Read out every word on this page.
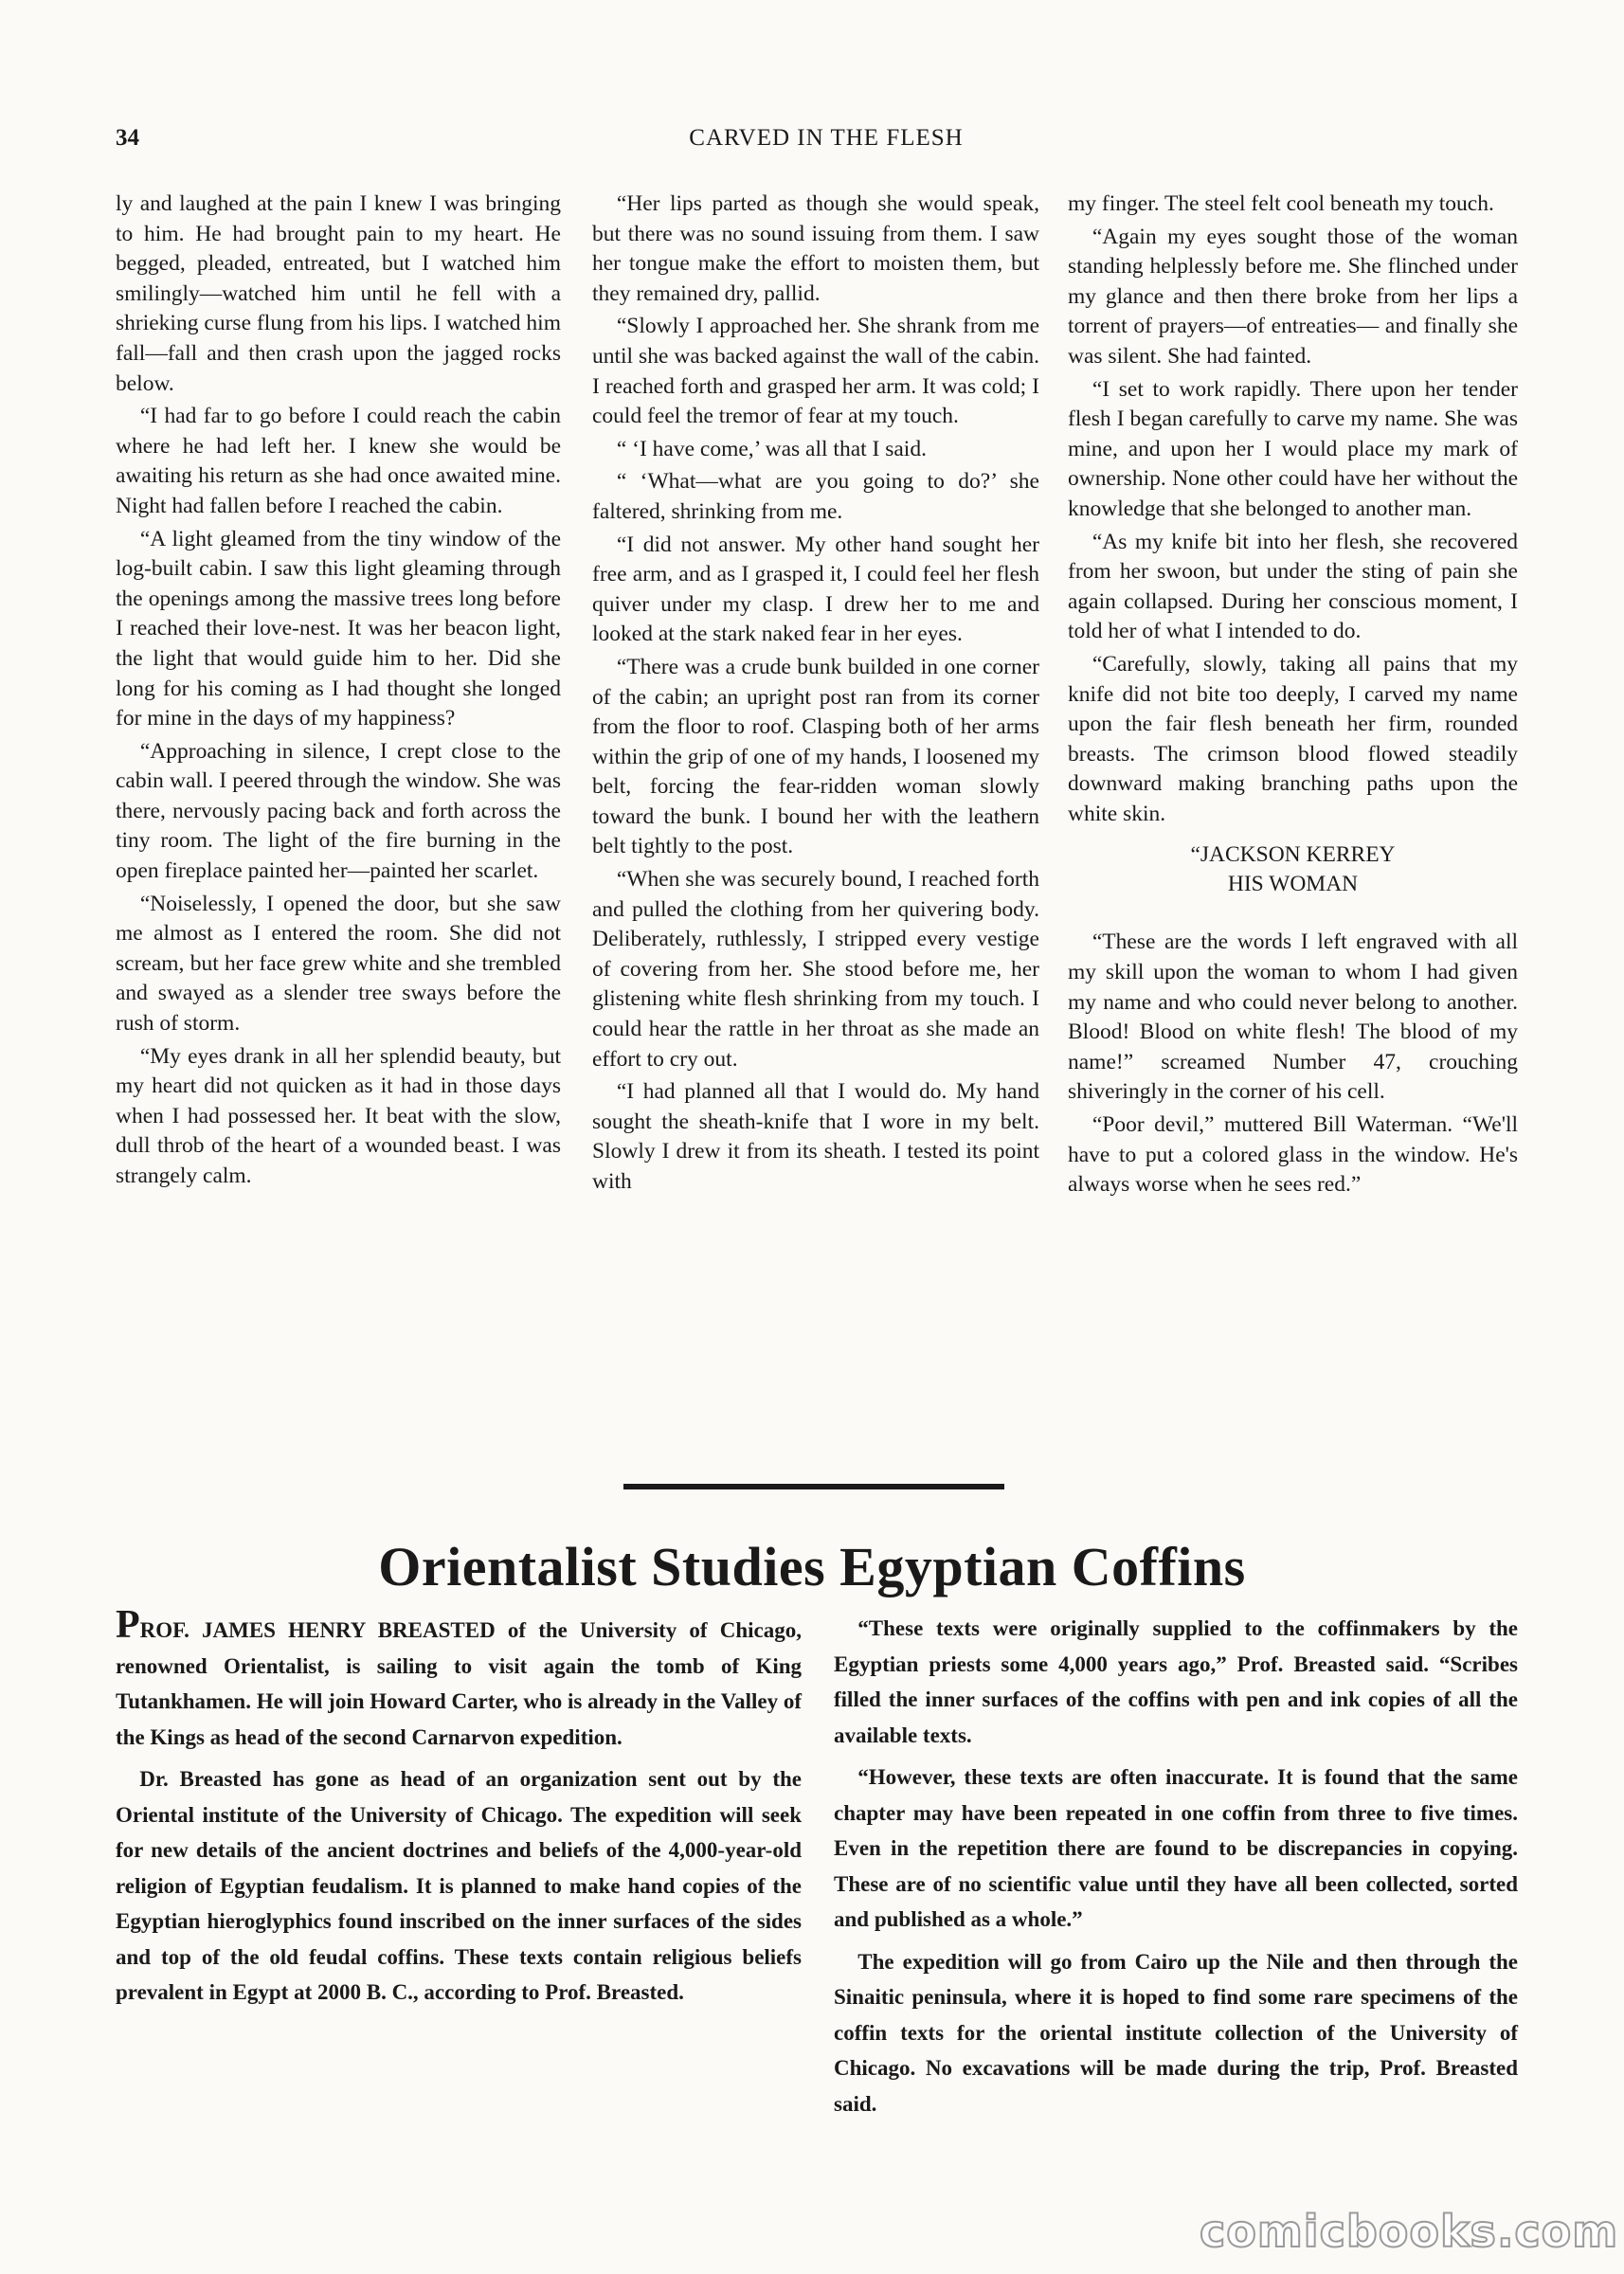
34	CARVED IN THE FLESH

ly and laughed at the pain I knew I was bringing to him. He had brought pain to my heart. He begged, pleaded, entreated, but I watched him smilingly—watched him until he fell with a shrieking curse flung from his lips. I watched him fall—fall and then crash upon the jagged rocks below.

“I had far to go before I could reach the cabin where he had left her. I knew she would be awaiting his return as she had once awaited mine. Night had fallen before I reached the cabin.

“A light gleamed from the tiny window of the log-built cabin. I saw this light gleaming through the openings among the massive trees long before I reached their love-nest. It was her beacon light, the light that would guide him to her. Did she long for his coming as I had thought she longed for mine in the days of my happiness?

“Approaching in silence, I crept close to the cabin wall. I peered through the window. She was there, nervously pacing back and forth across the tiny room. The light of the fire burning in the open fireplace painted her—painted her scarlet.

“Noiselessly, I opened the door, but she saw me almost as I entered the room. She did not scream, but her face grew white and she trembled and swayed as a slender tree sways before the rush of storm.

“My eyes drank in all her splendid beauty, but my heart did not quicken as it had in those days when I had possessed her. It beat with the slow, dull throb of the heart of a wounded beast. I was strangely calm.

“Her lips parted as though she would speak, but there was no sound issuing from them. I saw her tongue make the effort to moisten them, but they remained dry, pallid.

“Slowly I approached her. She shrank from me until she was backed against the wall of the cabin. I reached forth and grasped her arm. It was cold; I could feel the tremor of fear at my touch.

“ ‘I have come,’ was all that I said.

“ ‘What—what are you going to do?’ she faltered, shrinking from me.

“I did not answer. My other hand sought her free arm, and as I grasped it, I could feel her flesh quiver under my clasp. I drew her to me and looked at the stark naked fear in her eyes.

“There was a crude bunk builded in one corner of the cabin; an upright post ran from its corner from the floor to roof. Clasping both of her arms within the grip of one of my hands, I loosened my belt, forcing the fear-ridden woman slowly toward the bunk. I bound her with the leathern belt tightly to the post.

“When she was securely bound, I reached forth and pulled the clothing from her quivering body. Deliberately, ruthlessly, I stripped every vestige of covering from her. She stood before me, her glistening white flesh shrinking from my touch. I could hear the rattle in her throat as she made an effort to cry out.

“I had planned all that I would do. My hand sought the sheath-knife that I wore in my belt. Slowly I drew it from its sheath. I tested its point with

my finger. The steel felt cool beneath my touch.

“Again my eyes sought those of the woman standing helplessly before me. She flinched under my glance and then there broke from her lips a torrent of prayers—of entreaties— and finally she was silent. She had fainted.

“I set to work rapidly. There upon her tender flesh I began carefully to carve my name. She was mine, and upon her I would place my mark of ownership. None other could have her without the knowledge that she belonged to another man.

“As my knife bit into her flesh, she recovered from her swoon, but under the sting of pain she again collapsed. During her conscious moment, I told her of what I intended to do.

“Carefully, slowly, taking all pains that my knife did not bite too deeply, I carved my name upon the fair flesh beneath her firm, rounded breasts. The crimson blood flowed steadily downward making branching paths upon the white skin.

“JACKSON KERREY
HIS WOMAN

“These are the words I left engraved with all my skill upon the woman to whom I had given my name and who could never belong to another. Blood! Blood on white flesh! The blood of my name!” screamed Number 47, crouching shiveringly in the corner of his cell.

“Poor devil,” muttered Bill Waterman. “We'll have to put a colored glass in the window. He's always worse when he sees red.”

Orientalist Studies Egyptian Coffins

PROF. JAMES HENRY BREASTED of the University of Chicago, renowned Orientalist, is sailing to visit again the tomb of King Tutankhamen. He will join Howard Carter, who is already in the Valley of the Kings as head of the second Carnarvon expedition.

Dr. Breasted has gone as head of an organization sent out by the Oriental institute of the University of Chicago. The expedition will seek for new details of the ancient doctrines and beliefs of the 4,000-year-old religion of Egyptian feudalism. It is planned to make hand copies of the Egyptian hieroglyphics found inscribed on the inner surfaces of the sides and top of the old feudal coffins. These texts contain religious beliefs prevalent in Egypt at 2000 B. C., according to Prof. Breasted.

“These texts were originally supplied to the coffinmakers by the Egyptian priests some 4,000 years ago,” Prof. Breasted said. “Scribes filled the inner surfaces of the coffins with pen and ink copies of all the available texts.

“However, these texts are often inaccurate. It is found that the same chapter may have been repeated in one coffin from three to five times. Even in the repetition there are found to be discrepancies in copying. These are of no scientific value until they have all been collected, sorted and published as a whole.”

The expedition will go from Cairo up the Nile and then through the Sinaitic peninsula, where it is hoped to find some rare specimens of the coffin texts for the oriental institute collection of the University of Chicago. No excavations will be made during the trip, Prof. Breasted said.

comicbooks.com
